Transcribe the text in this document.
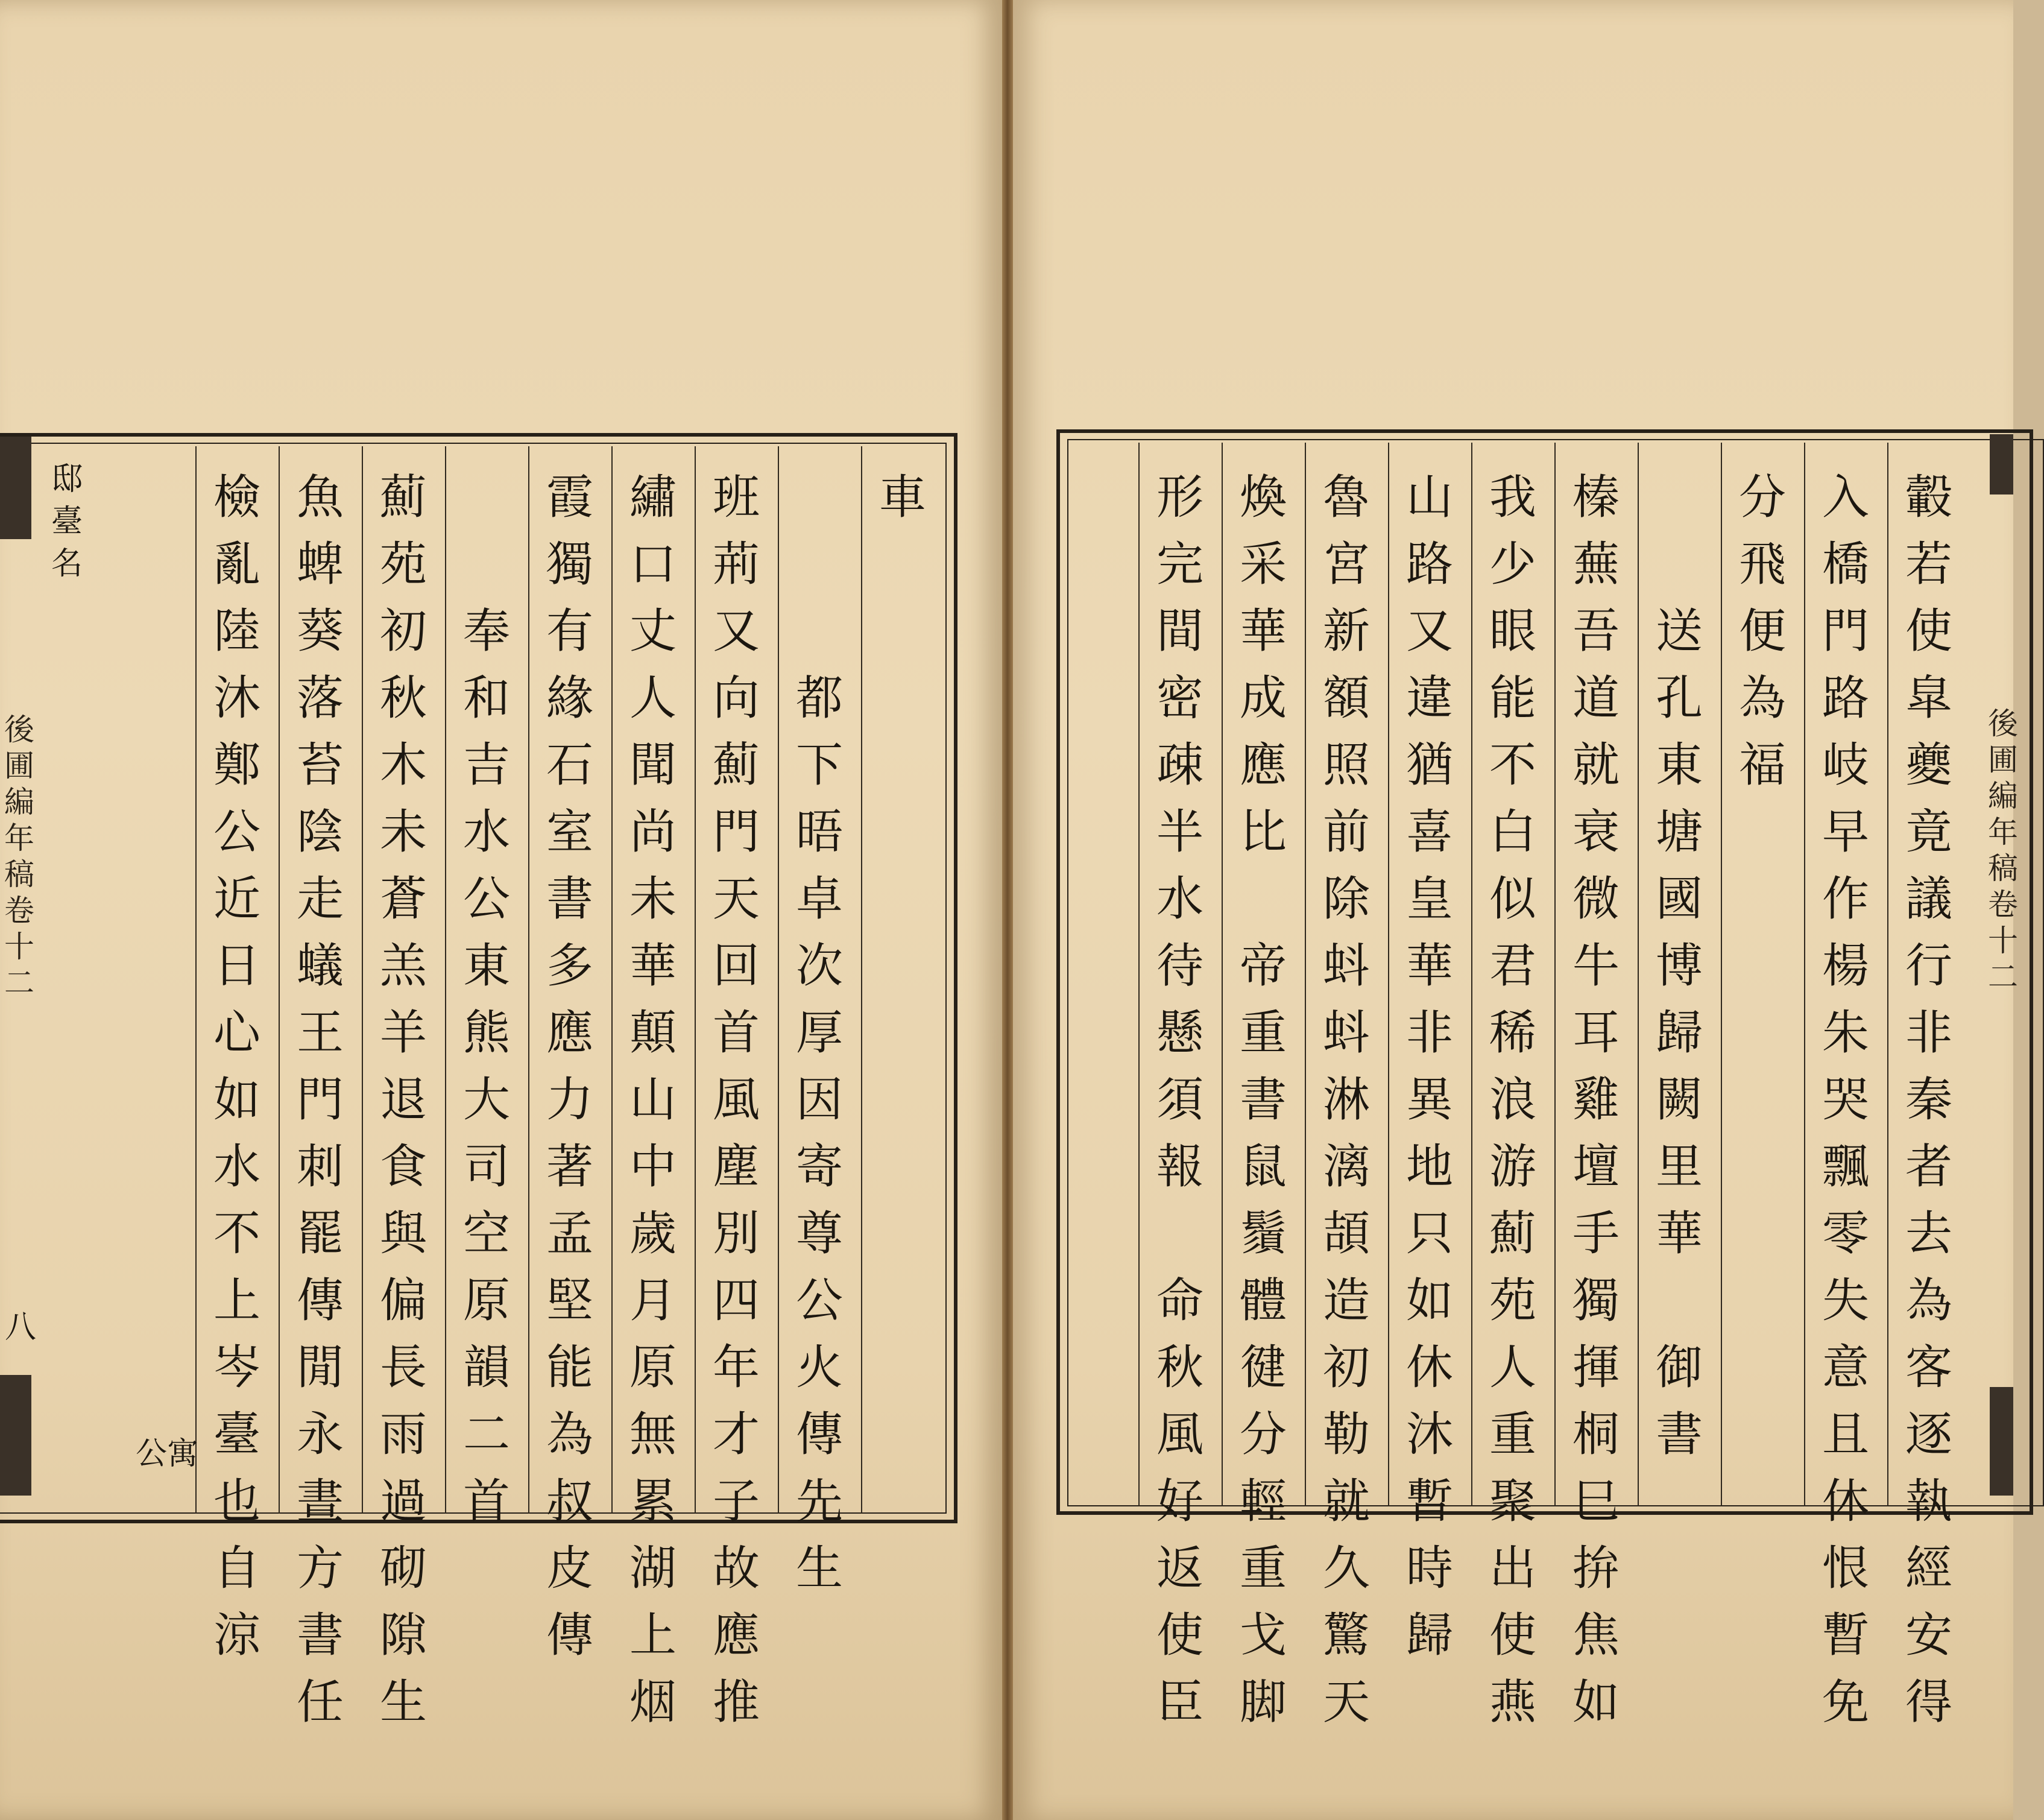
後
圃
編
年
稿
卷
十
二
八
後
圃
編
年
稿
卷
十
二
車

都
下
晤
卓
次
厚
因
寄
尊
公
火
傳
先
生
班
荊
又
向
薊
門
天
回
首
風
塵
別
四
年
才
子
故
應
推
繡
口
丈
人
聞
尚
未
華
顛
山
中
歲
月
原
無
累
湖
上
烟
霞
獨
有
緣
石
室
書
多
應
力
著
孟
堅
能
為
叔
皮
傳

奉
和
吉
水
公
東
熊
大
司
空
原
韻
二
首
薊
苑
初
秋
木
未
蒼
羔
羊
退
食
與
偏
長
雨
過
砌
隙
生
魚
蜱
葵
落
苔
陰
走
蟻
王
門
刺
罷
傳
閒
永
晝
方
書
任
檢
亂
陸
沐
鄭
公
近
日
心
如
水
不
上
岑
臺
也
自
涼
轂
若
使
皐
夔
竟
議
行
非
秦
者
去
為
客
逐
執
經
安
得
入
橋
門
路
岐
早
作
楊
朱
哭
飄
零
失
意
且
休
恨
暫
免
分
飛
便
為
福

送
孔
東
塘
國
博
歸
闕
里
華

御
書
榛
蕪
吾
道
就
衰
微
牛
耳
雞
壇
手
獨
揮
桐
巳
拚
焦
如
我
少
眼
能
不
白
似
君
稀
浪
游
薊
苑
人
重
聚
出
使
燕
山
路
又
違
猶
喜
皇
華
非
異
地
只
如
休
沐
暫
時
歸
魯
宮
新
額
照
前
除
蚪
蚪
淋
漓
頡
造
初
勒
就
久
驚
天
煥
采
華
成
應
比

帝
重
書
鼠
鬚
體
徤
分
輕
重
戈
脚
形
完
間
密
疎
半
水
待
懸
須
報

命
秋
風
好
返
使
臣
邸
臺
名
公寓
